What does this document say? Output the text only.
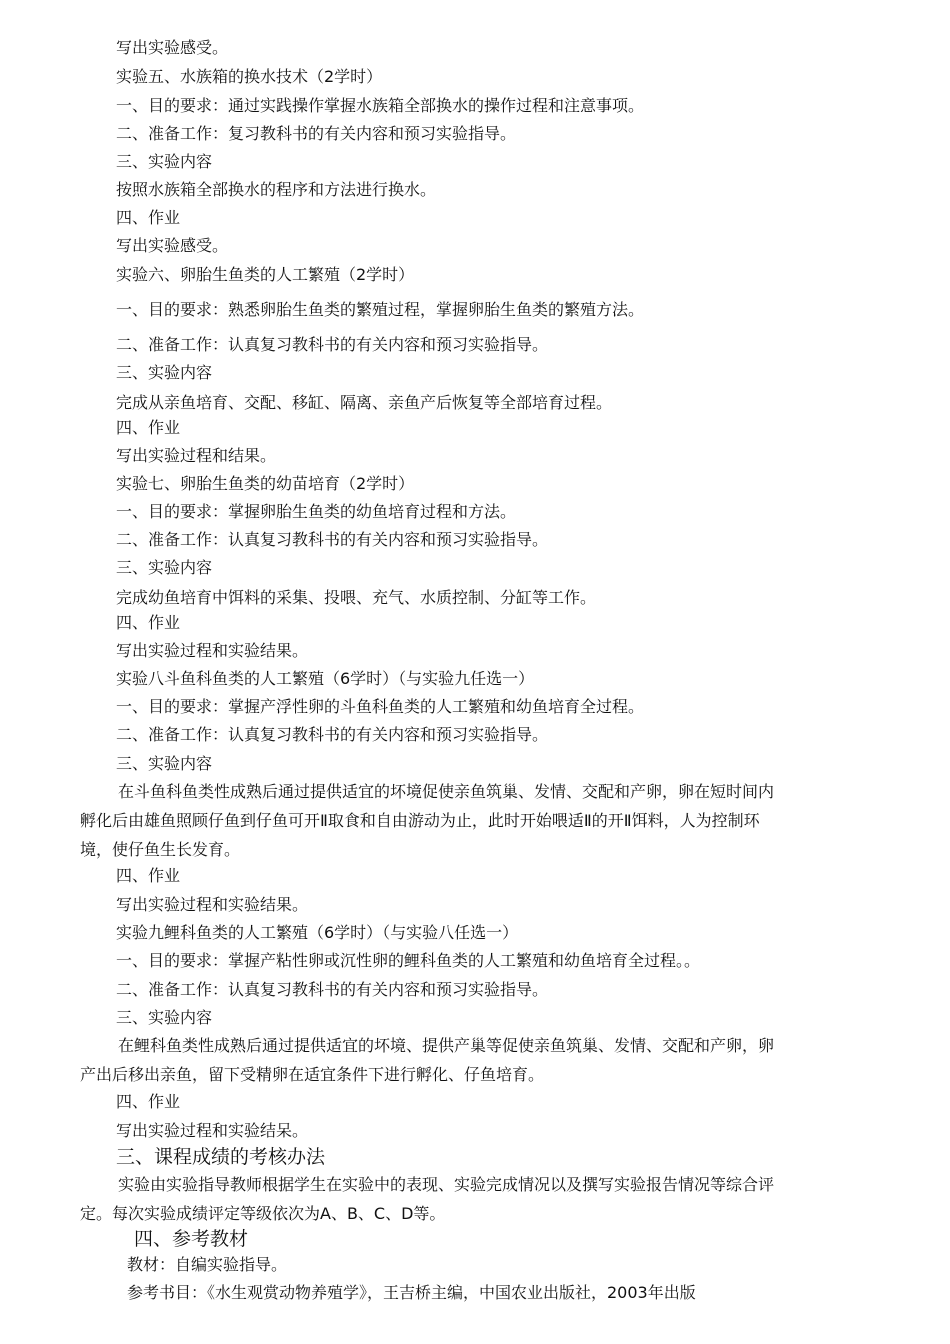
写出实验感受。
实验五、水族箱的换水技术（2学时）
一、目的要求：通过实践操作掌握水族箱全部换水的操作过程和注意事项。
二、准备工作：复习教科书的有关内容和预习实验指导。
三、实验内容
按照水族箱全部换水的程序和方法进行换水。
四、作业
写出实验感受。
实验六、卵胎生鱼类的人工繁殖（2学时）
一、目的要求：熟悉卵胎生鱼类的繁殖过程，掌握卵胎生鱼类的繁殖方法。
二、准备工作：认真复习教科书的有关内容和预习实验指导。
三、实验内容
完成从亲鱼培育、交配、移缸、隔离、亲鱼产后恢复等全部培育过程。
四、作业
写出实验过程和结果。
实验七、卵胎生鱼类的幼苗培育（2学时）
一、目的要求：掌握卵胎生鱼类的幼鱼培育过程和方法。
二、准备工作：认真复习教科书的有关内容和预习实验指导。
三、实验内容
完成幼鱼培育中饵料的采集、投喂、充气、水质控制、分缸等工作。
四、作业
写出实验过程和实验结果。
实验八斗鱼科鱼类的人工繁殖（6学时）（与实验九任选一）
一、目的要求：掌握产浮性卵的斗鱼科鱼类的人工繁殖和幼鱼培育全过程。
二、准备工作：认真复习教科书的有关内容和预习实验指导。
三、实验内容
在斗鱼科鱼类性成熟后通过提供适宜的坏境促使亲鱼筑巢、发情、交配和产卵，卵在短时间内
孵化后由雄鱼照顾仔鱼到仔鱼可开Ⅱ取食和自由游动为止，此时开始喂适Ⅱ的开Ⅱ饵料，人为控制环
境，使仔鱼生长发育。
四、作业
写出实验过程和实验结果。
实验九鲤科鱼类的人工繁殖（6学时）（与实验八任选一）
一、目的要求：掌握产粘性卵或沉性卵的鲤科鱼类的人工繁殖和幼鱼培育全过程。。
二、准备工作：认真复习教科书的有关内容和预习实验指导。
三、实验内容
在鲤科鱼类性成熟后通过提供适宜的坏境、提供产巢等促使亲鱼筑巢、发情、交配和产卵，卵
产出后移出亲鱼，留下受精卵在适宜条件下进行孵化、仔鱼培育。
四、作业
写出实验过程和实验结呆。
三、课程成绩的考核办法
实验由实验指导教师根据学生在实验中的表现、实验完成情况以及撰写实验报告情况等综合评
定。每次实验成绩评定等级依次为A、B、C、D等。
四、参考教材
教材：自编实验指导。
参考书目：《水生观赏动物养殖学》，王吉桥主编，中国农业出版社，2003年出版
